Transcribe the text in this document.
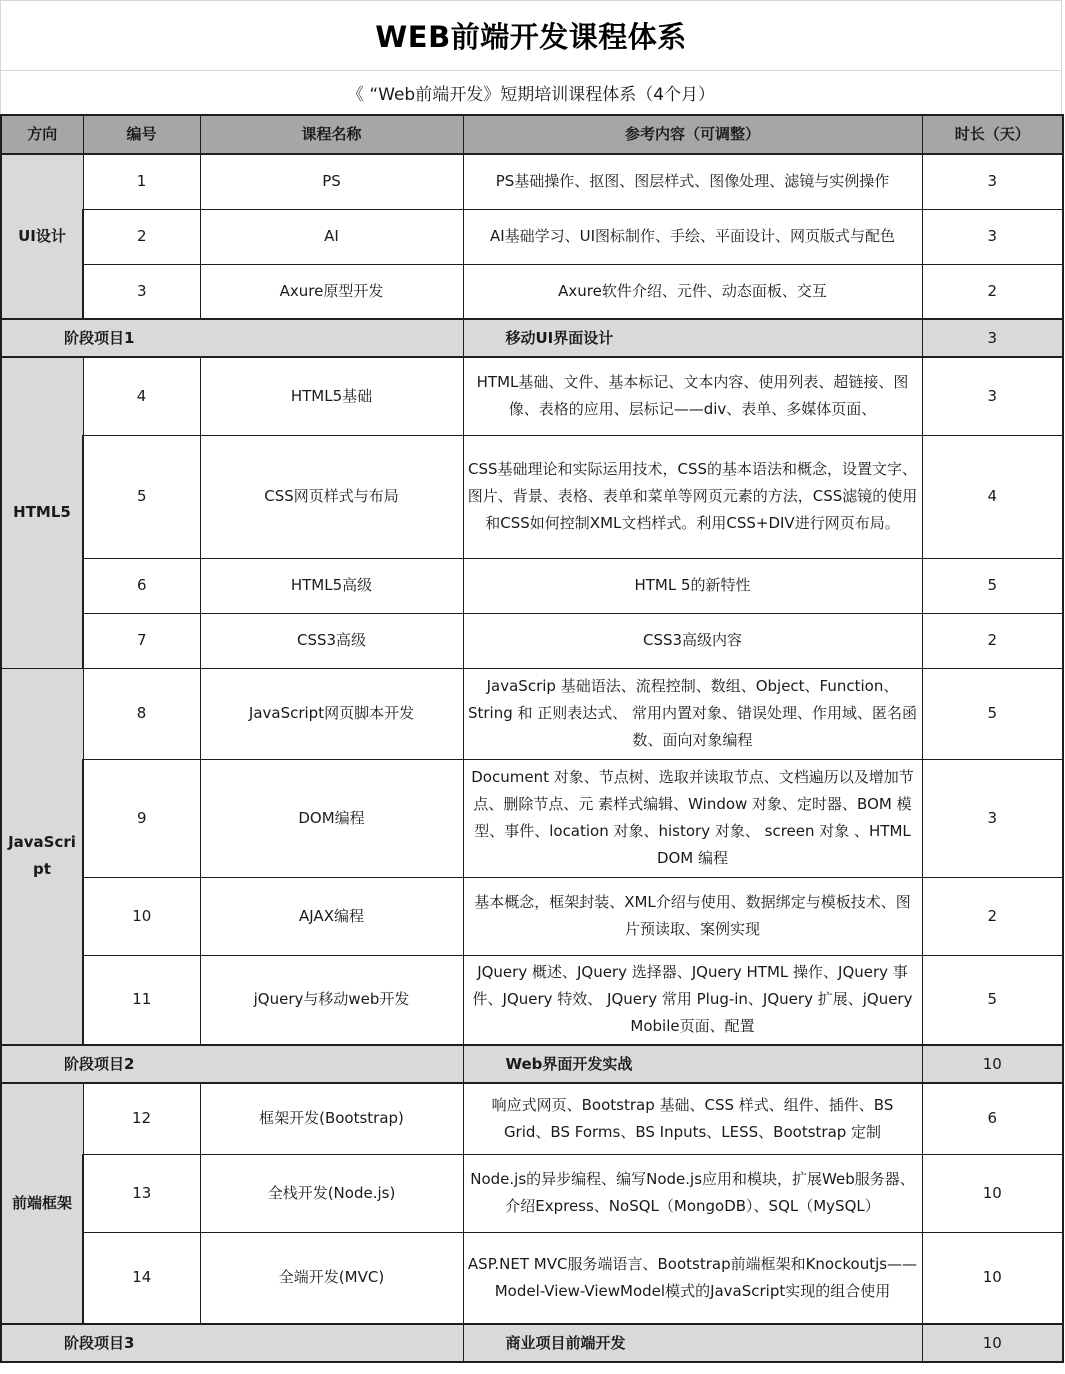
WEB前端开发课程体系
《 “Web前端开发》短期培训课程体系（4个月）
方向	编号	课程名称	参考内容（可调整）	时长（天）
UI设计	1	PS	PS基础操作、抠图、图层样式、图像处理、滤镜与实例操作	3
	2	AI	AI基础学习、UI图标制作、手绘、平面设计、网页版式与配色	3
	3	Axure原型开发	Axure软件介绍、元件、动态面板、交互	2
阶段项目1			移动UI界面设计	3
HTML5	4	HTML5基础	HTML基础、文件、基本标记、文本内容、使用列表、超链接、图像、表格的应用、层标记——div、表单、多媒体页面、	3
	5	CSS网页样式与布局	CSS基础理论和实际运用技术，CSS的基本语法和概念，设置文字、图片、背景、表格、表单和菜单等网页元素的方法，CSS滤镜的使用和CSS如何控制XML文档样式。利用CSS+DIV进行网页布局。	4
	6	HTML5高级	HTML 5的新特性	5
	7	CSS3高级	CSS3高级内容	2
JavaScript	8	JavaScript网页脚本开发	JavaScrip 基础语法、流程控制、数组、Object、Function、String 和 正则表达式、 常用内置对象、错误处理、作用域、匿名函数、面向对象编程	5
	9	DOM编程	Document 对象、节点树、选取并读取节点、文档遍历以及增加节点、删除节点、元 素样式编辑、Window 对象、定时器、BOM 模型、事件、location 对象、history 对象、 screen 对象 、HTML DOM 编程	3
	10	AJAX编程	基本概念，框架封装、XML介绍与使用、数据绑定与模板技术、图片预读取、案例实现	2
	11	jQuery与移动web开发	JQuery 概述、JQuery 选择器、JQuery HTML 操作、JQuery 事件、JQuery 特效、 JQuery 常用 Plug-in、JQuery 扩展、jQuery Mobile页面、配置	5
阶段项目2			Web界面开发实战	10
前端框架	12	框架开发(Bootstrap)	响应式网页、Bootstrap 基础、CSS 样式、组件、插件、BS Grid、BS Forms、BS Inputs、LESS、Bootstrap 定制	6
	13	全栈开发(Node.js)	Node.js的异步编程、编写Node.js应用和模块，扩展Web服务器、介绍Express、NoSQL（MongoDB）、SQL（MySQL）	10
	14	全端开发(MVC)	ASP.NET MVC服务端语言、Bootstrap前端框架和Knockoutjs——Model-View-ViewModel模式的JavaScript实现的组合使用	10
阶段项目3			商业项目前端开发	10
